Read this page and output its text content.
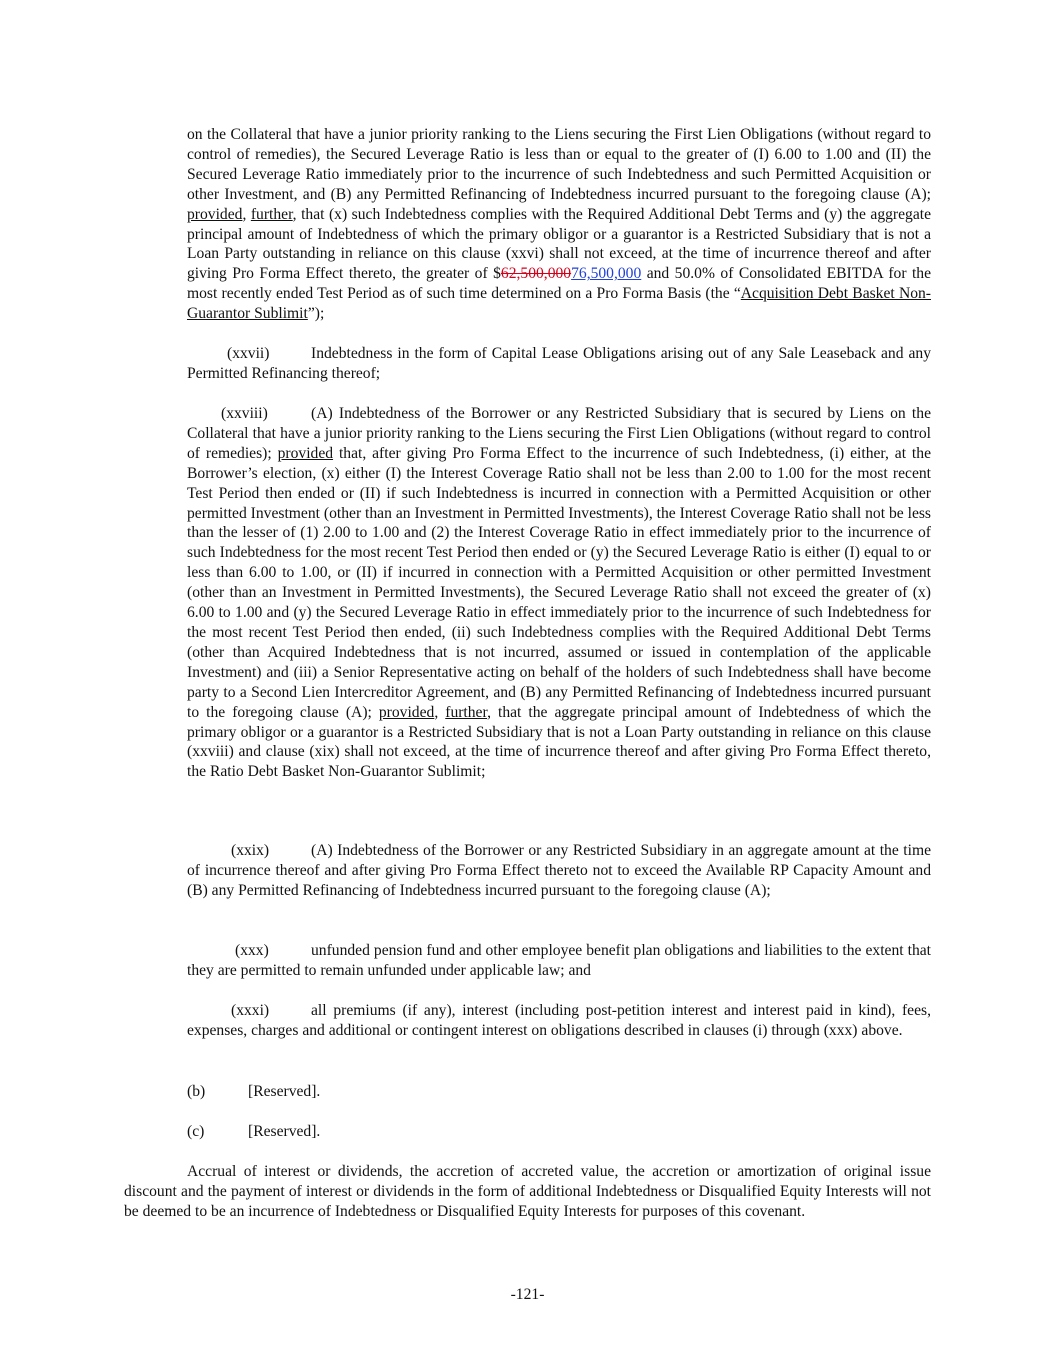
on the Collateral that have a junior priority ranking to the Liens securing the First Lien Obligations (without regard to control of remedies), the Secured Leverage Ratio is less than or equal to the greater of (I) 6.00 to 1.00 and (II) the Secured Leverage Ratio immediately prior to the incurrence of such Indebtedness and such Permitted Acquisition or other Investment, and (B) any Permitted Refinancing of Indebtedness incurred pursuant to the foregoing clause (A); provided, further, that (x) such Indebtedness complies with the Required Additional Debt Terms and (y) the aggregate principal amount of Indebtedness of which the primary obligor or a guarantor is a Restricted Subsidiary that is not a Loan Party outstanding in reliance on this clause (xxvi) shall not exceed, at the time of incurrence thereof and after giving Pro Forma Effect thereto, the greater of $62,500,00076,500,000 and 50.0% of Consolidated EBITDA for the most recently ended Test Period as of such time determined on a Pro Forma Basis (the “Acquisition Debt Basket Non-Guarantor Sublimit”);

(xxvii)	Indebtedness in the form of Capital Lease Obligations arising out of any Sale Leaseback and any Permitted Refinancing thereof;

(xxviii)	(A) Indebtedness of the Borrower or any Restricted Subsidiary that is secured by Liens on the Collateral that have a junior priority ranking to the Liens securing the First Lien Obligations (without regard to control of remedies); provided that, after giving Pro Forma Effect to the incurrence of such Indebtedness, (i) either, at the Borrower’s election, (x) either (I) the Interest Coverage Ratio shall not be less than 2.00 to 1.00 for the most recent Test Period then ended or (II) if such Indebtedness is incurred in connection with a Permitted Acquisition or other permitted Investment (other than an Investment in Permitted Investments), the Interest Coverage Ratio shall not be less than the lesser of (1) 2.00 to 1.00 and (2) the Interest Coverage Ratio in effect immediately prior to the incurrence of such Indebtedness for the most recent Test Period then ended or (y) the Secured Leverage Ratio is either (I) equal to or less than 6.00 to 1.00, or (II) if incurred in connection with a Permitted Acquisition or other permitted Investment (other than an Investment in Permitted Investments), the Secured Leverage Ratio shall not exceed the greater of (x) 6.00 to 1.00 and (y) the Secured Leverage Ratio in effect immediately prior to the incurrence of such Indebtedness for the most recent Test Period then ended, (ii) such Indebtedness complies with the Required Additional Debt Terms (other than Acquired Indebtedness that is not incurred, assumed or issued in contemplation of the applicable Investment) and (iii) a Senior Representative acting on behalf of the holders of such Indebtedness shall have become party to a Second Lien Intercreditor Agreement, and (B) any Permitted Refinancing of Indebtedness incurred pursuant to the foregoing clause (A); provided, further, that the aggregate principal amount of Indebtedness of which the primary obligor or a guarantor is a Restricted Subsidiary that is not a Loan Party outstanding in reliance on this clause (xxviii) and clause (xix) shall not exceed, at the time of incurrence thereof and after giving Pro Forma Effect thereto, the Ratio Debt Basket Non-Guarantor Sublimit;

(xxix)	(A) Indebtedness of the Borrower or any Restricted Subsidiary in an aggregate amount at the time of incurrence thereof and after giving Pro Forma Effect thereto not to exceed the Available RP Capacity Amount and (B) any Permitted Refinancing of Indebtedness incurred pursuant to the foregoing clause (A);

(xxx)	unfunded pension fund and other employee benefit plan obligations and liabilities to the extent that they are permitted to remain unfunded under applicable law; and

(xxxi)	all premiums (if any), interest (including post-petition interest and interest paid in kind), fees, expenses, charges and additional or contingent interest on obligations described in clauses (i) through (xxx) above.

(b)	[Reserved].

(c)	[Reserved].

Accrual of interest or dividends, the accretion of accreted value, the accretion or amortization of original issue discount and the payment of interest or dividends in the form of additional Indebtedness or Disqualified Equity Interests will not be deemed to be an incurrence of Indebtedness or Disqualified Equity Interests for purposes of this covenant.

-121-
